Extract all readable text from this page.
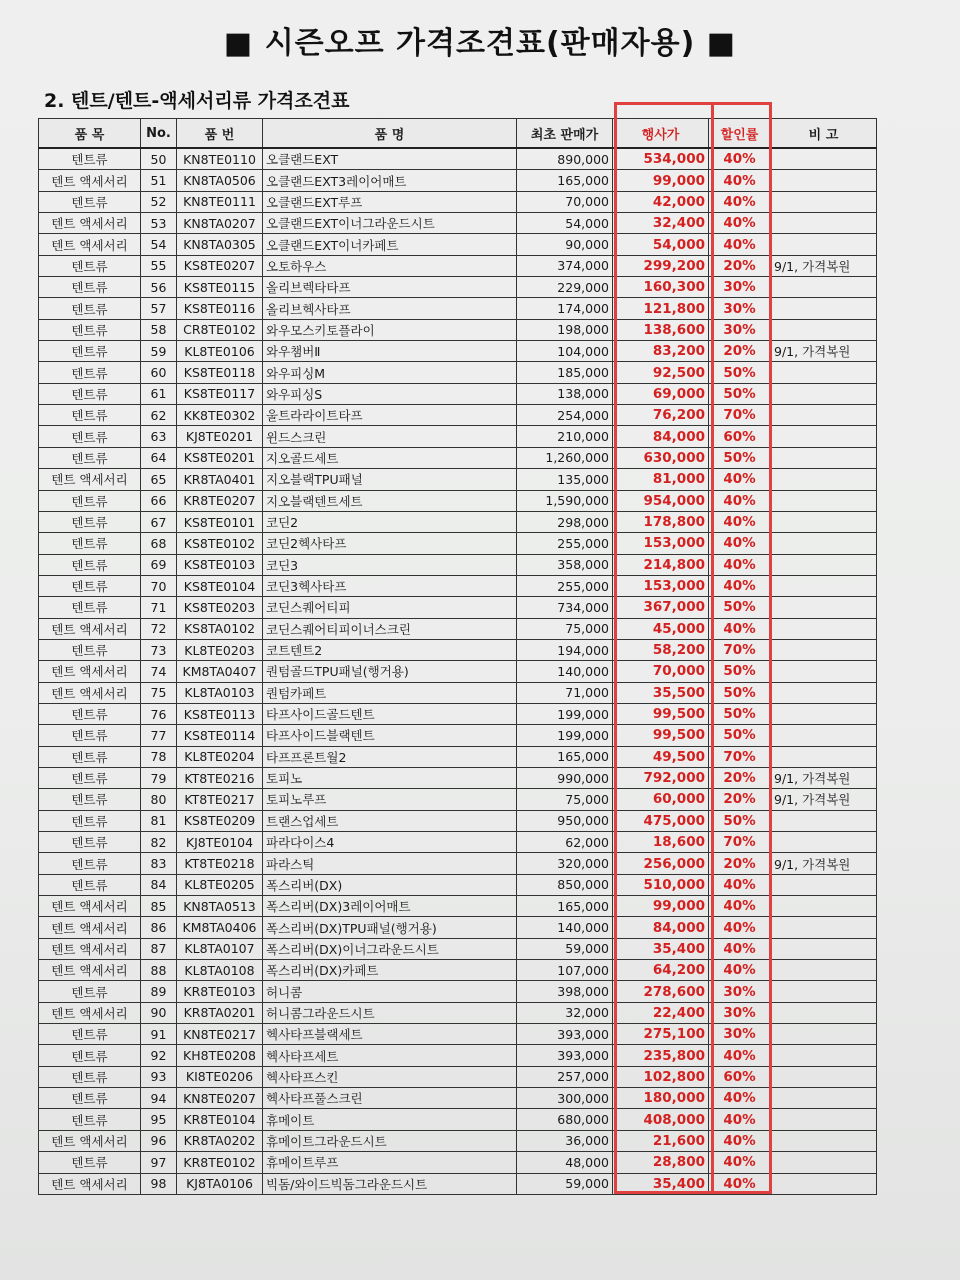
■ 시즌오프 가격조견표(판매자용) ■
2. 텐트/텐트-액세서리류 가격조견표
품 목	No.	품 번	품 명	최초 판매가	행사가	할인률	비 고
텐트류	50	KN8TE0110	오클랜드EXT	890,000	534,000	40%	
텐트 액세서리	51	KN8TA0506	오클랜드EXT3레이어매트	165,000	99,000	40%	
텐트류	52	KN8TE0111	오클랜드EXT루프	70,000	42,000	40%	
텐트 액세서리	53	KN8TA0207	오클랜드EXT이너그라운드시트	54,000	32,400	40%	
텐트 액세서리	54	KN8TA0305	오클랜드EXT이너카페트	90,000	54,000	40%	
텐트류	55	KS8TE0207	오토하우스	374,000	299,200	20%	9/1, 가격복원
텐트류	56	KS8TE0115	올리브렉타타프	229,000	160,300	30%	
텐트류	57	KS8TE0116	올리브헥사타프	174,000	121,800	30%	
텐트류	58	CR8TE0102	와우모스키토플라이	198,000	138,600	30%	
텐트류	59	KL8TE0106	와우챔버Ⅱ	104,000	83,200	20%	9/1, 가격복원
텐트류	60	KS8TE0118	와우피싱M	185,000	92,500	50%	
텐트류	61	KS8TE0117	와우피싱S	138,000	69,000	50%	
텐트류	62	KK8TE0302	울트라라이트타프	254,000	76,200	70%	
텐트류	63	KJ8TE0201	윈드스크린	210,000	84,000	60%	
텐트류	64	KS8TE0201	지오골드세트	1,260,000	630,000	50%	
텐트 액세서리	65	KR8TA0401	지오블랙TPU패널	135,000	81,000	40%	
텐트류	66	KR8TE0207	지오블랙텐트세트	1,590,000	954,000	40%	
텐트류	67	KS8TE0101	코딘2	298,000	178,800	40%	
텐트류	68	KS8TE0102	코딘2헥사타프	255,000	153,000	40%	
텐트류	69	KS8TE0103	코딘3	358,000	214,800	40%	
텐트류	70	KS8TE0104	코딘3헥사타프	255,000	153,000	40%	
텐트류	71	KS8TE0203	코딘스퀘어티피	734,000	367,000	50%	
텐트 액세서리	72	KS8TA0102	코딘스퀘어티피이너스크린	75,000	45,000	40%	
텐트류	73	KL8TE0203	코트텐트2	194,000	58,200	70%	
텐트 액세서리	74	KM8TA0407	퀀텀골드TPU패널(행거용)	140,000	70,000	50%	
텐트 액세서리	75	KL8TA0103	퀀텀카페트	71,000	35,500	50%	
텐트류	76	KS8TE0113	타프사이드골드텐트	199,000	99,500	50%	
텐트류	77	KS8TE0114	타프사이드블랙텐트	199,000	99,500	50%	
텐트류	78	KL8TE0204	타프프론트월2	165,000	49,500	70%	
텐트류	79	KT8TE0216	토피노	990,000	792,000	20%	9/1, 가격복원
텐트류	80	KT8TE0217	토피노루프	75,000	60,000	20%	9/1, 가격복원
텐트류	81	KS8TE0209	트랜스업세트	950,000	475,000	50%	
텐트류	82	KJ8TE0104	파라다이스4	62,000	18,600	70%	
텐트류	83	KT8TE0218	파라스틱	320,000	256,000	20%	9/1, 가격복원
텐트류	84	KL8TE0205	폭스리버(DX)	850,000	510,000	40%	
텐트 액세서리	85	KN8TA0513	폭스리버(DX)3레이어매트	165,000	99,000	40%	
텐트 액세서리	86	KM8TA0406	폭스리버(DX)TPU패널(행거용)	140,000	84,000	40%	
텐트 액세서리	87	KL8TA0107	폭스리버(DX)이너그라운드시트	59,000	35,400	40%	
텐트 액세서리	88	KL8TA0108	폭스리버(DX)카페트	107,000	64,200	40%	
텐트류	89	KR8TE0103	허니콤	398,000	278,600	30%	
텐트 액세서리	90	KR8TA0201	허니콤그라운드시트	32,000	22,400	30%	
텐트류	91	KN8TE0217	헥사타프블랙세트	393,000	275,100	30%	
텐트류	92	KH8TE0208	헥사타프세트	393,000	235,800	40%	
텐트류	93	KI8TE0206	헥사타프스킨	257,000	102,800	60%	
텐트류	94	KN8TE0207	헥사타프풀스크린	300,000	180,000	40%	
텐트류	95	KR8TE0104	휴메이트	680,000	408,000	40%	
텐트 액세서리	96	KR8TA0202	휴메이트그라운드시트	36,000	21,600	40%	
텐트류	97	KR8TE0102	휴메이트루프	48,000	28,800	40%	
텐트 액세서리	98	KJ8TA0106	빅돔/와이드빅돔그라운드시트	59,000	35,400	40%	
